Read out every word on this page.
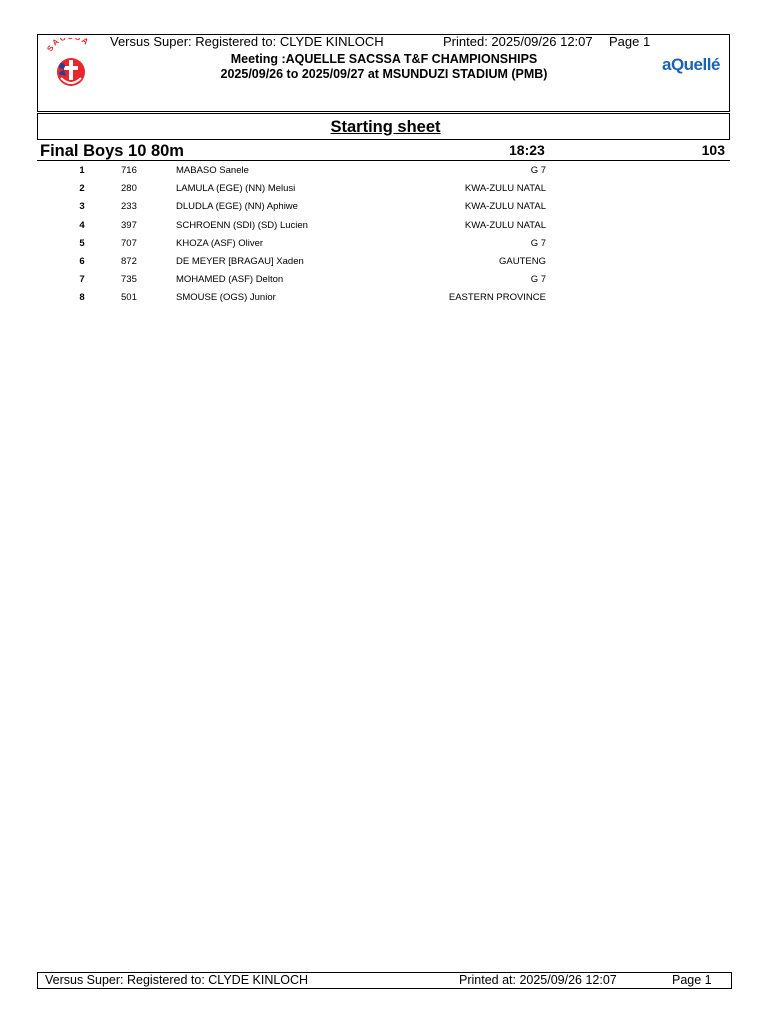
SA A
aQuellé
Versus Super: Registered to: CLYDE KINLOCH	Printed: 2025/09/26 12:07 Page 1
Meeting :AQUELLE SACSSA T&F CHAMPIONSHIPS
2025/09/26 to 2025/09/27 at MSUNDUZI STADIUM (PMB)
Starting sheet
Final Boys 10 80m	18:23	103
1	716	MABASO Sanele	G 7
2	280	LAMULA (EGE) (NN) Melusi	KWA-ZULU NATAL
3	233	DLUDLA (EGE) (NN) Aphiwe	KWA-ZULU NATAL
4	397	SCHROENN (SDI) (SD) Lucien	KWA-ZULU NATAL
5	707	KHOZA (ASF) Oliver	G 7
6	872	DE MEYER [BRAGAU] Xaden	GAUTENG
7	735	MOHAMED (ASF) Delton	G 7
8	501	SMOUSE (OGS) Junior	EASTERN PROVINCE
Versus Super: Registered to: CLYDE KINLOCH	Printed at: 2025/09/26 12:07	Page 1
